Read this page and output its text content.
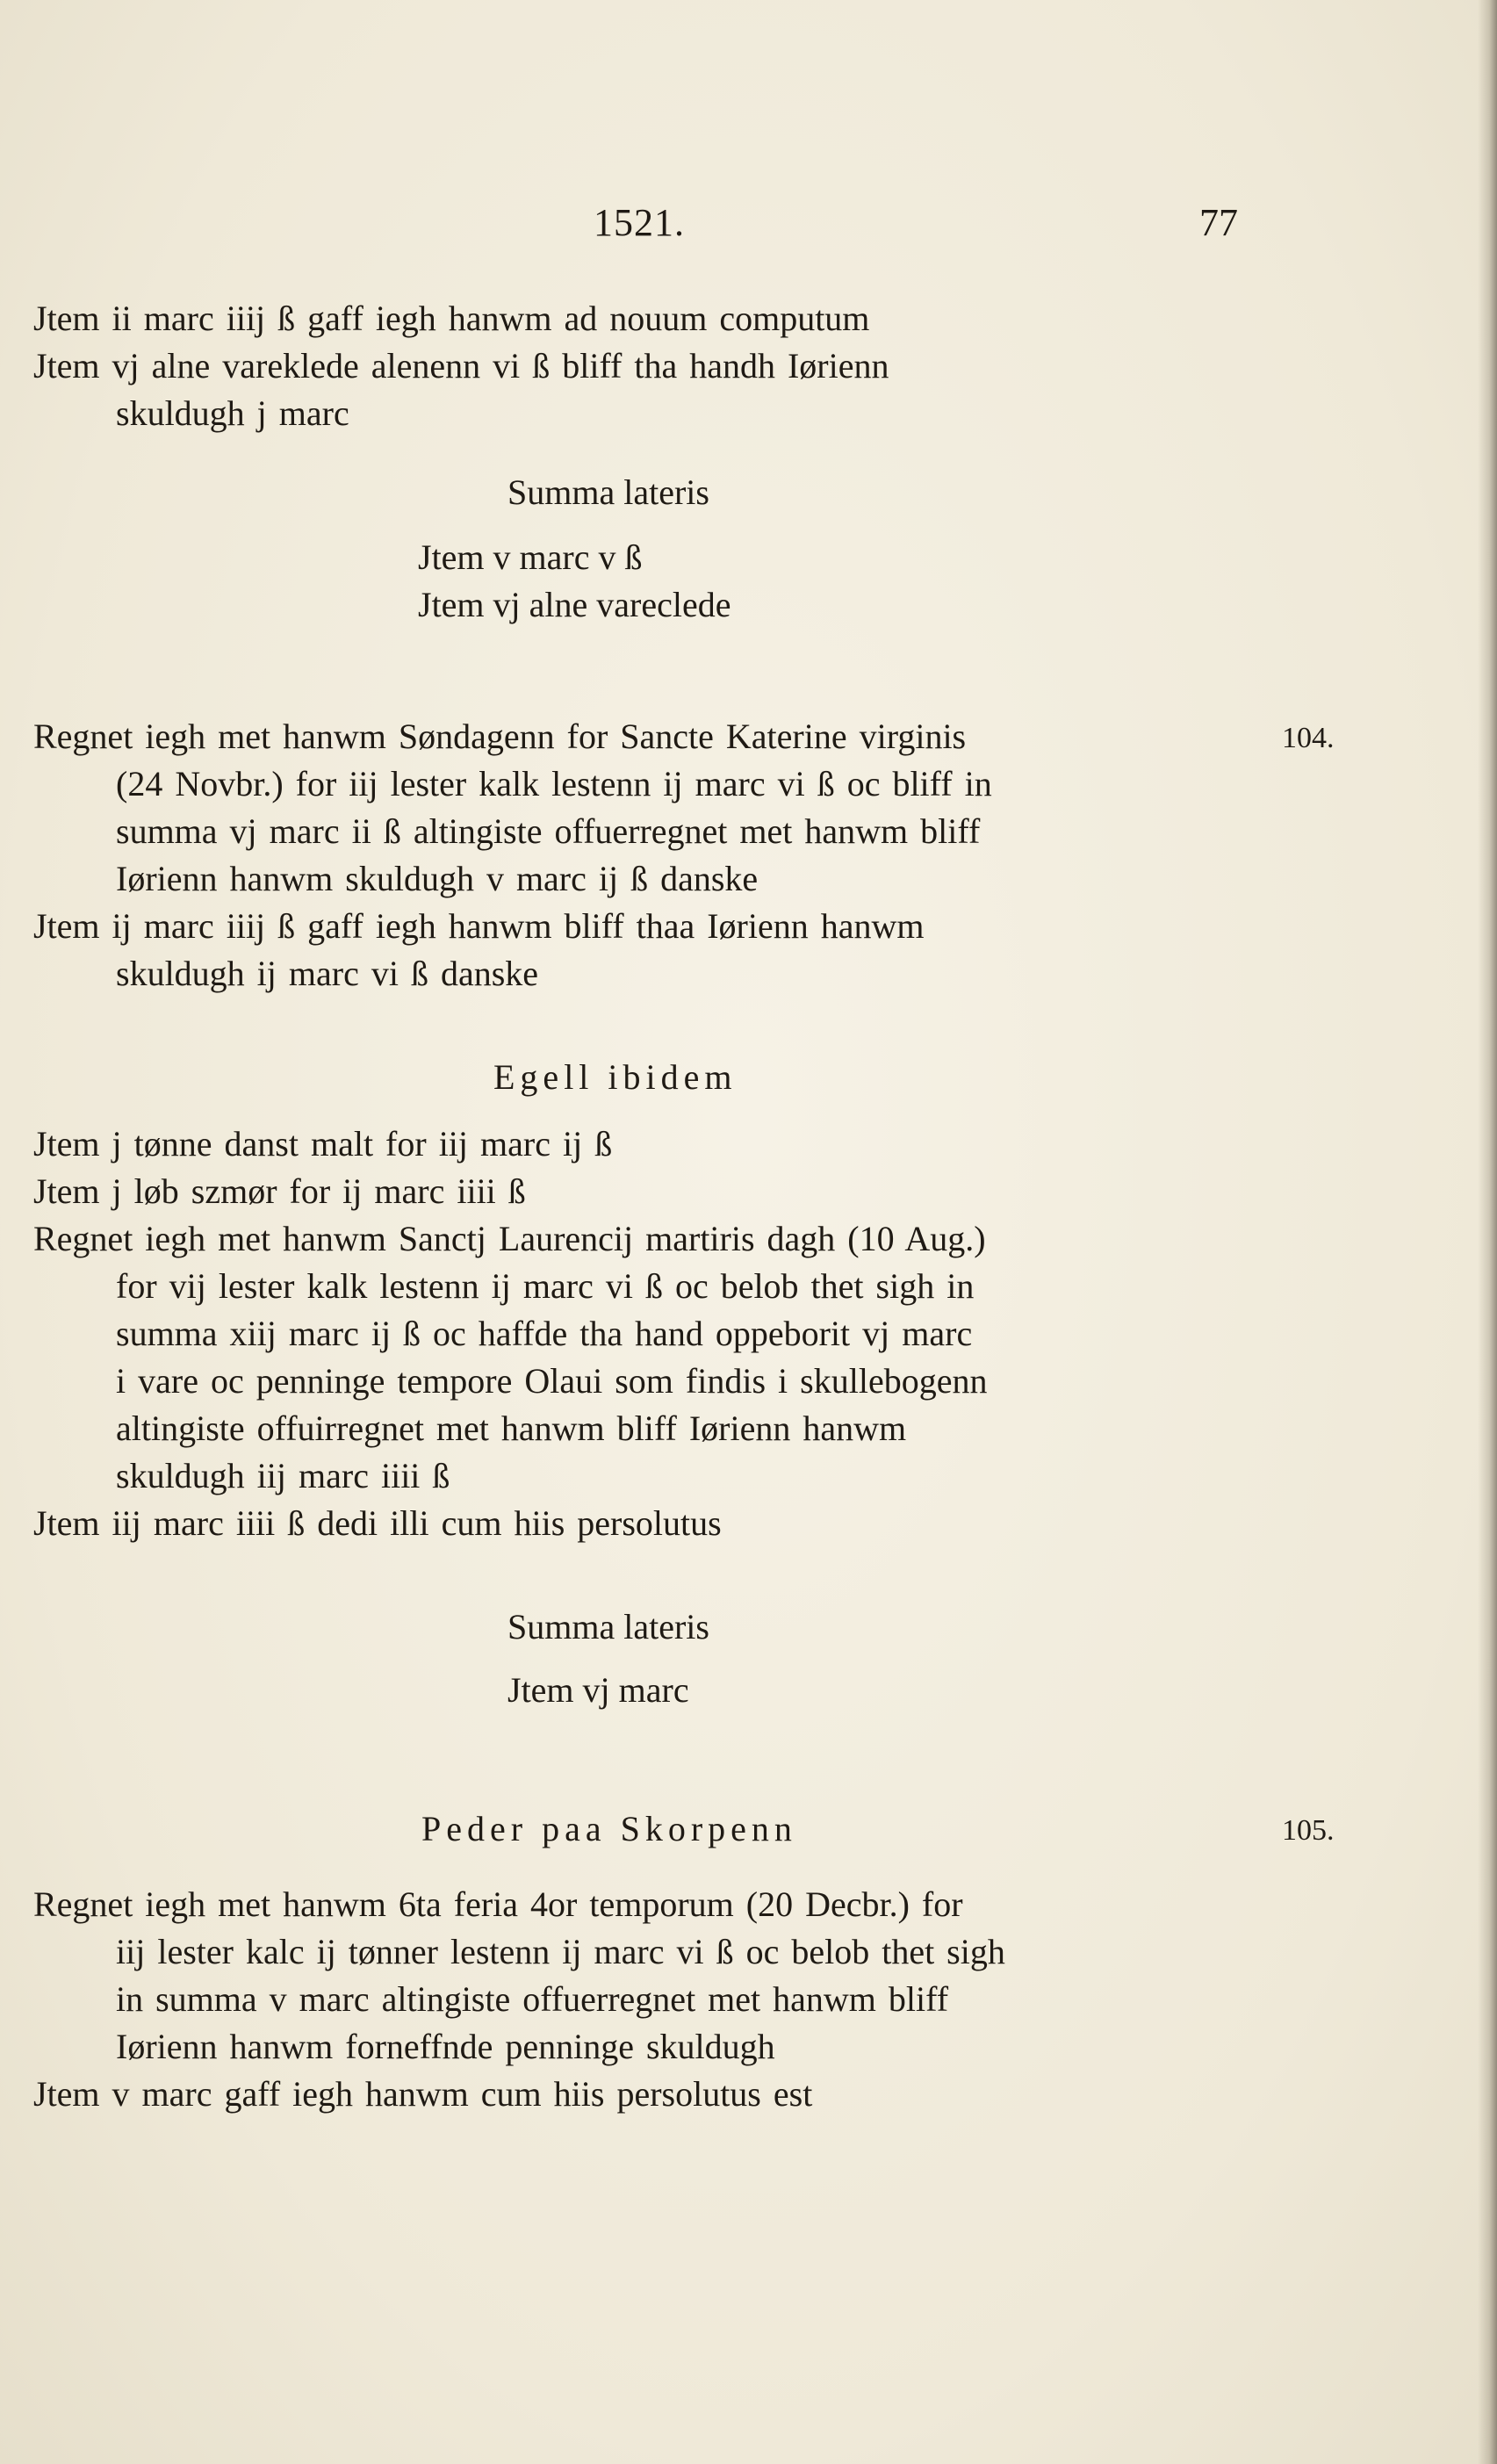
1521.	77
Jtem ii marc iiij ß gaff iegh hanwm ad nouum computum
Jtem vj alne vareklede alenenn vi ß bliff tha handh Iørienn
skuldugh j marc
Summa lateris
Jtem v marc v ß
Jtem vj alne vareclede
Regnet iegh met hanwm Søndagenn for Sancte Katerine virginis	104.
(24 Novbr.) for iij lester kalk lestenn ij marc vi ß oc bliff in
summa vj marc ii ß altingiste offuerregnet met hanwm bliff
Iørienn hanwm skuldugh v marc ij ß danske
Jtem ij marc iiij ß gaff iegh hanwm bliff thaa Iørienn hanwm
skuldugh ij marc vi ß danske
Egell ibidem
Jtem j tønne danst malt for iij marc ij ß
Jtem j løb szmør for ij marc iiii ß
Regnet iegh met hanwm Sanctj Laurencij martiris dagh (10 Aug.)
for vij lester kalk lestenn ij marc vi ß oc belob thet sigh in
summa xiij marc ij ß oc haffde tha hand oppeborit vj marc
i vare oc penninge tempore Olaui som findis i skullebogenn
altingiste offuirregnet met hanwm bliff Iørienn hanwm
skuldugh iij marc iiii ß
Jtem iij marc iiii ß dedi illi cum hiis persolutus
Summa lateris
Jtem vj marc
Peder paa Skorpenn	105.
Regnet iegh met hanwm 6ta feria 4or temporum (20 Decbr.) for
iij lester kalc ij tønner lestenn ij marc vi ß oc belob thet sigh
in summa v marc altingiste offuerregnet met hanwm bliff
Iørienn hanwm forneffnde penninge skuldugh
Jtem v marc gaff iegh hanwm cum hiis persolutus est
